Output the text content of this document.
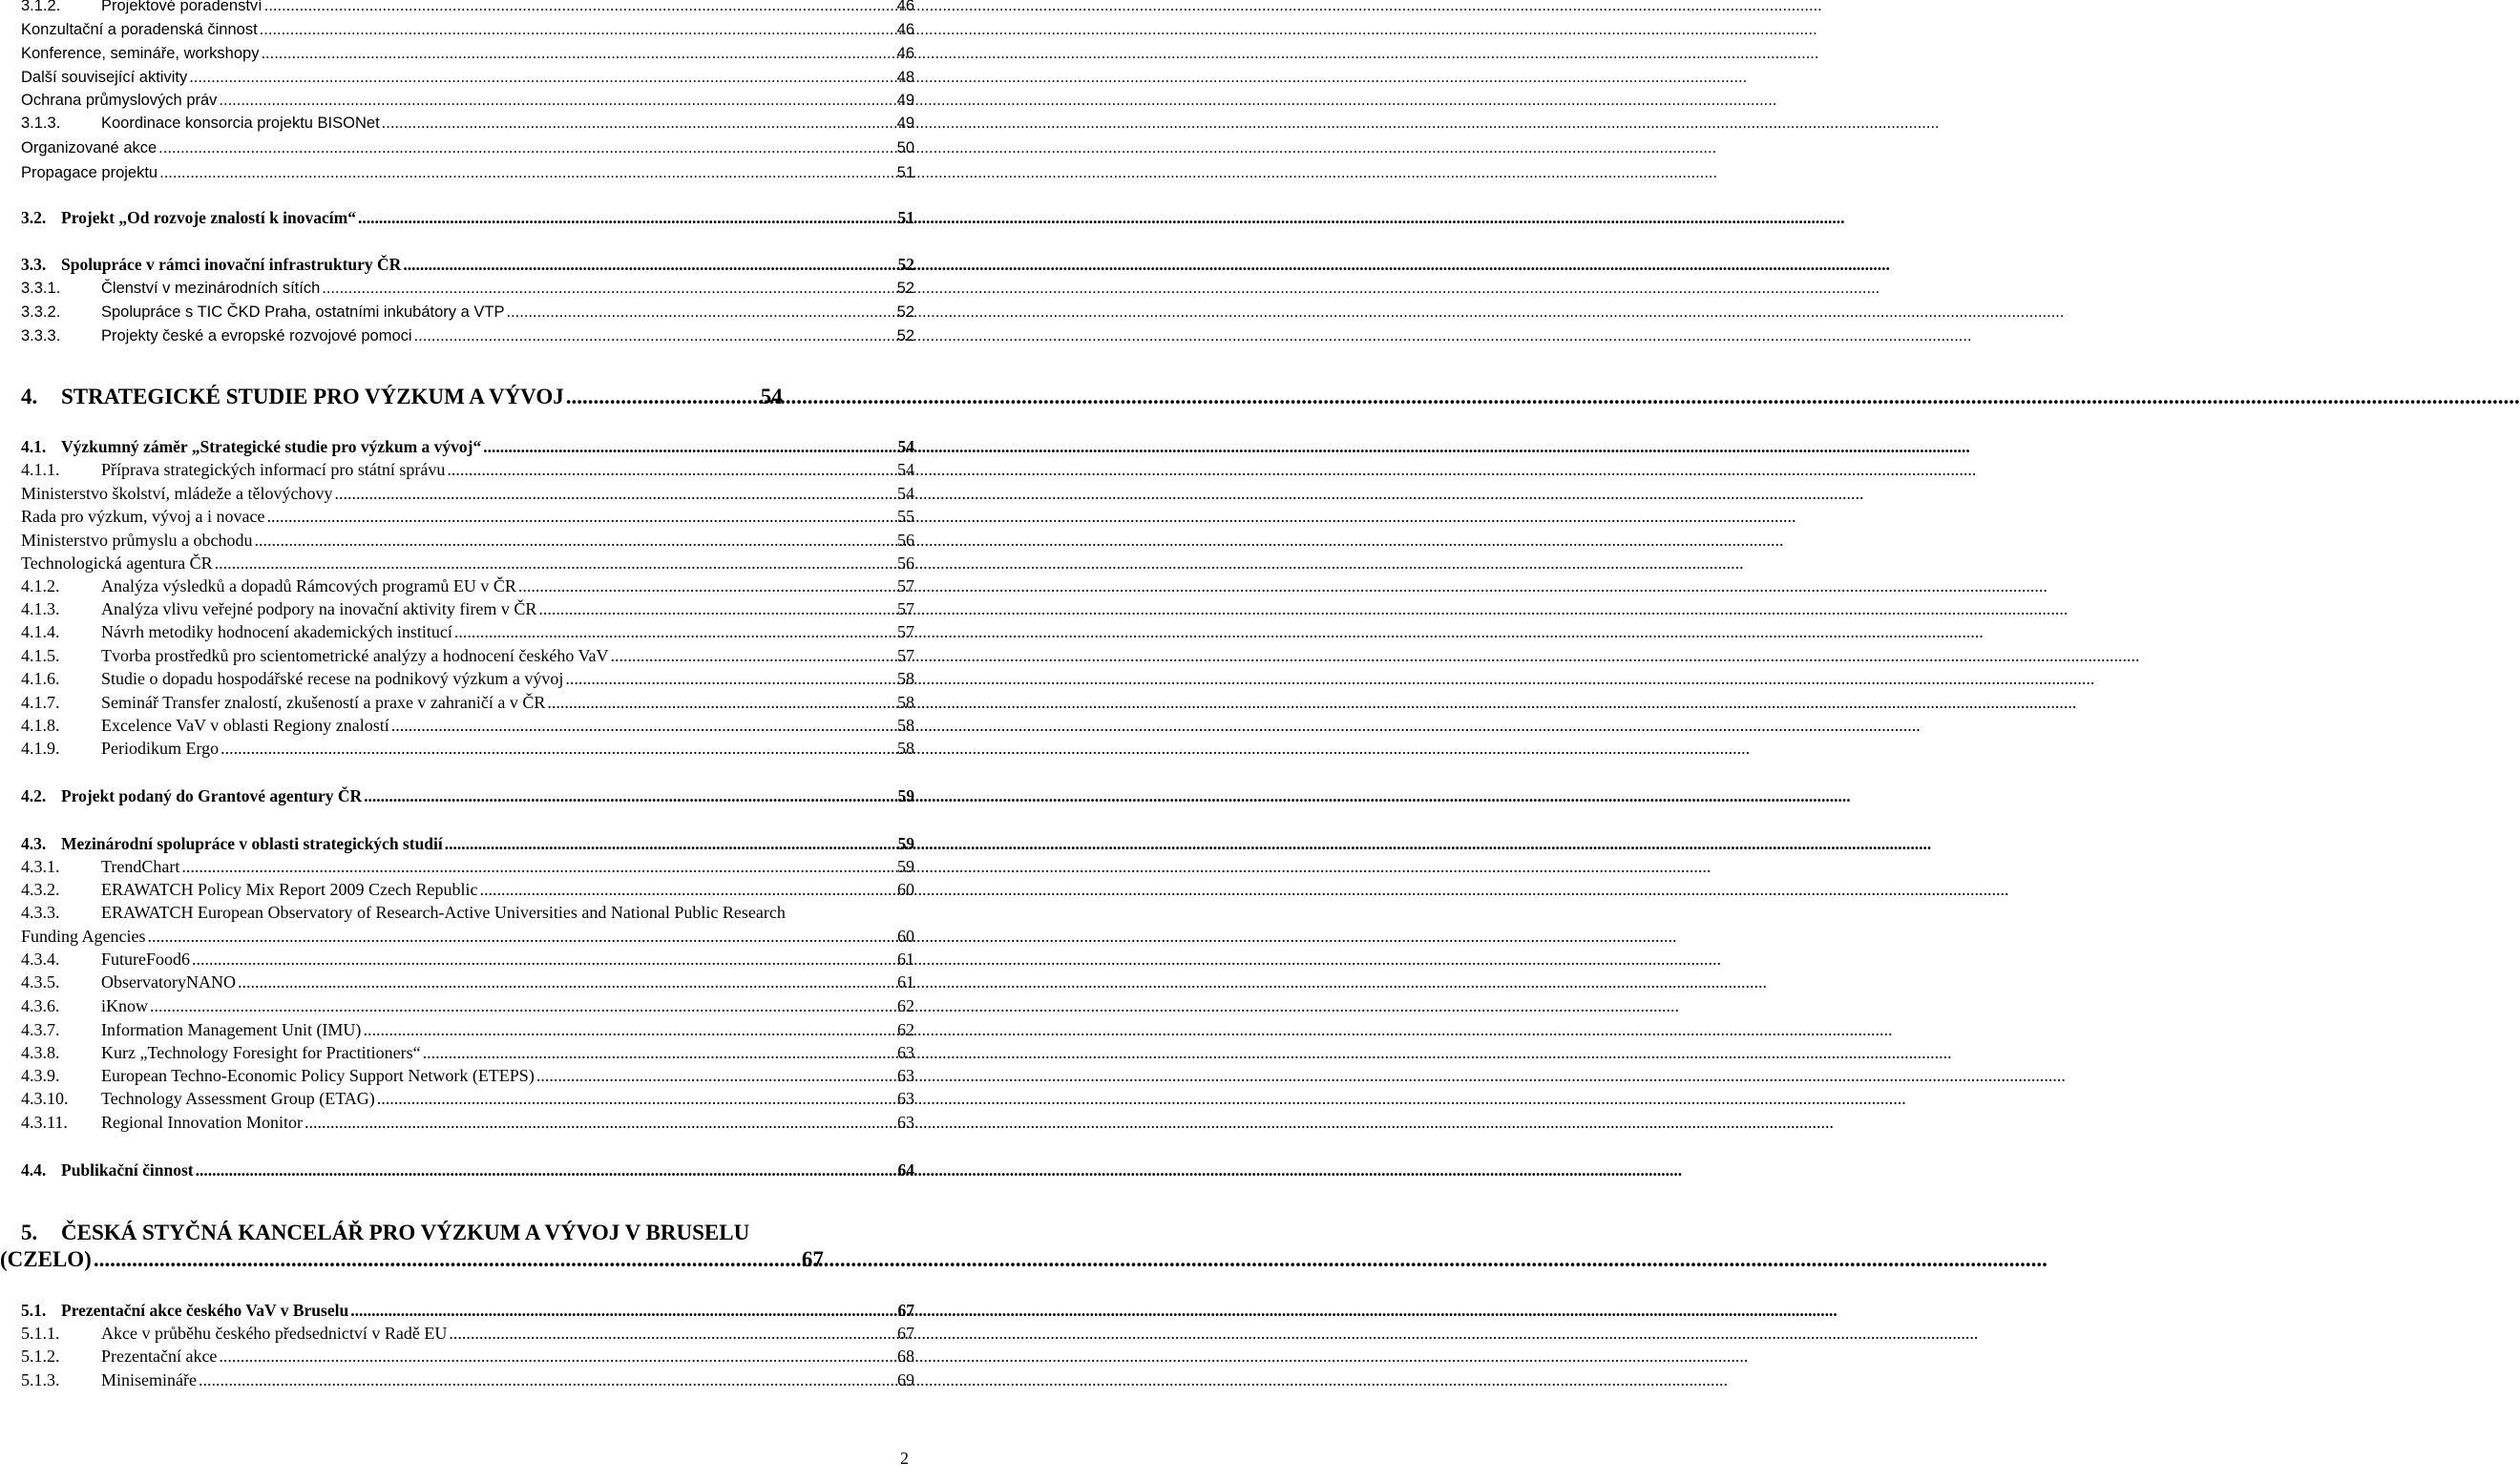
3.1.2.	Projektové poradenství .....	46
Konzultační a poradenská činnost .....	46
Konference, semináře, workshopy .....	46
Další související aktivity .....	48
Ochrana průmyslových práv .....	49
3.1.3.	Koordinace konsorcia projektu BISONet .....	49
Organizované akce .....	50
Propagace projektu .....	51
3.2. Projekt „Od rozvoje znalostí k inovacím“ .....	51
3.3. Spolupráce v rámci inovační infrastruktury ČR .....	52
3.3.1.	Členství v mezinárodních sítích .....	52
3.3.2.	Spolupráce s TIC ČKD Praha, ostatními inkubátory a VTP .....	52
3.3.3.	Projekty české a evropské rozvojové pomoci .....	52
4.	STRATEGICKÉ STUDIE PRO VÝZKUM A VÝVOJ .....	54
4.1. Výzkumný záměr „Strategické studie pro výzkum a vývoj“ .....	54
4.1.1.	Příprava strategických informací pro státní správu .....	54
Ministerstvo školství, mládeže a tělovýchovy .....	54
Rada pro výzkum, vývoj a i novace .....	55
Ministerstvo průmyslu a obchodu .....	56
Technologická agentura ČR .....	56
4.1.2.	Analýza výsledků a dopadů Rámcových programů EU v ČR .....	57
4.1.3.	Analýza vlivu veřejné podpory na inovační aktivity firem v ČR .....	57
4.1.4.	Návrh metodiky hodnocení akademických institucí .....	57
4.1.5.	Tvorba prostředků pro scientometrické analýzy a hodnocení českého VaV .....	57
4.1.6.	Studie o dopadu hospodářské recese na podnikový výzkum a vývoj .....	58
4.1.7.	Seminář Transfer znalostí, zkušeností a praxe v zahraničí a v ČR .....	58
4.1.8.	Excelence VaV v oblasti Regiony znalostí .....	58
4.1.9.	Periodikum Ergo .....	58
4.2. Projekt podaný do Grantové agentury ČR .....	59
4.3. Mezinárodní spolupráce v oblasti strategických studií .....	59
4.3.1.	TrendChart .....	59
4.3.2.	ERAWATCH Policy Mix Report 2009 Czech Republic .....	60
4.3.3.	ERAWATCH European Observatory of Research-Active Universities and National Public Research
Funding Agencies .....	60
4.3.4.	FutureFood6 .....	61
4.3.5.	ObservatoryNANO .....	61
4.3.6.	iKnow .....	62
4.3.7.	Information Management Unit (IMU) .....	62
4.3.8.	Kurz „Technology Foresight for Practitioners“ .....	63
4.3.9.	European Techno-Economic Policy Support Network (ETEPS) .....	63
4.3.10.	Technology Assessment Group (ETAG) .....	63
4.3.11.	Regional Innovation Monitor .....	63
4.4. Publikační činnost .....	64
5.	ČESKÁ STYČNÁ KANCELÁŘ PRO VÝZKUM A VÝVOJ V BRUSELU
(CZELO) .....	67
5.1. Prezentační akce českého VaV v Bruselu .....	67
5.1.1.	Akce v průběhu českého předsednictví v Radě EU .....	67
5.1.2.	Prezentační akce .....	68
5.1.3.	Minisemináře .....	69
2
